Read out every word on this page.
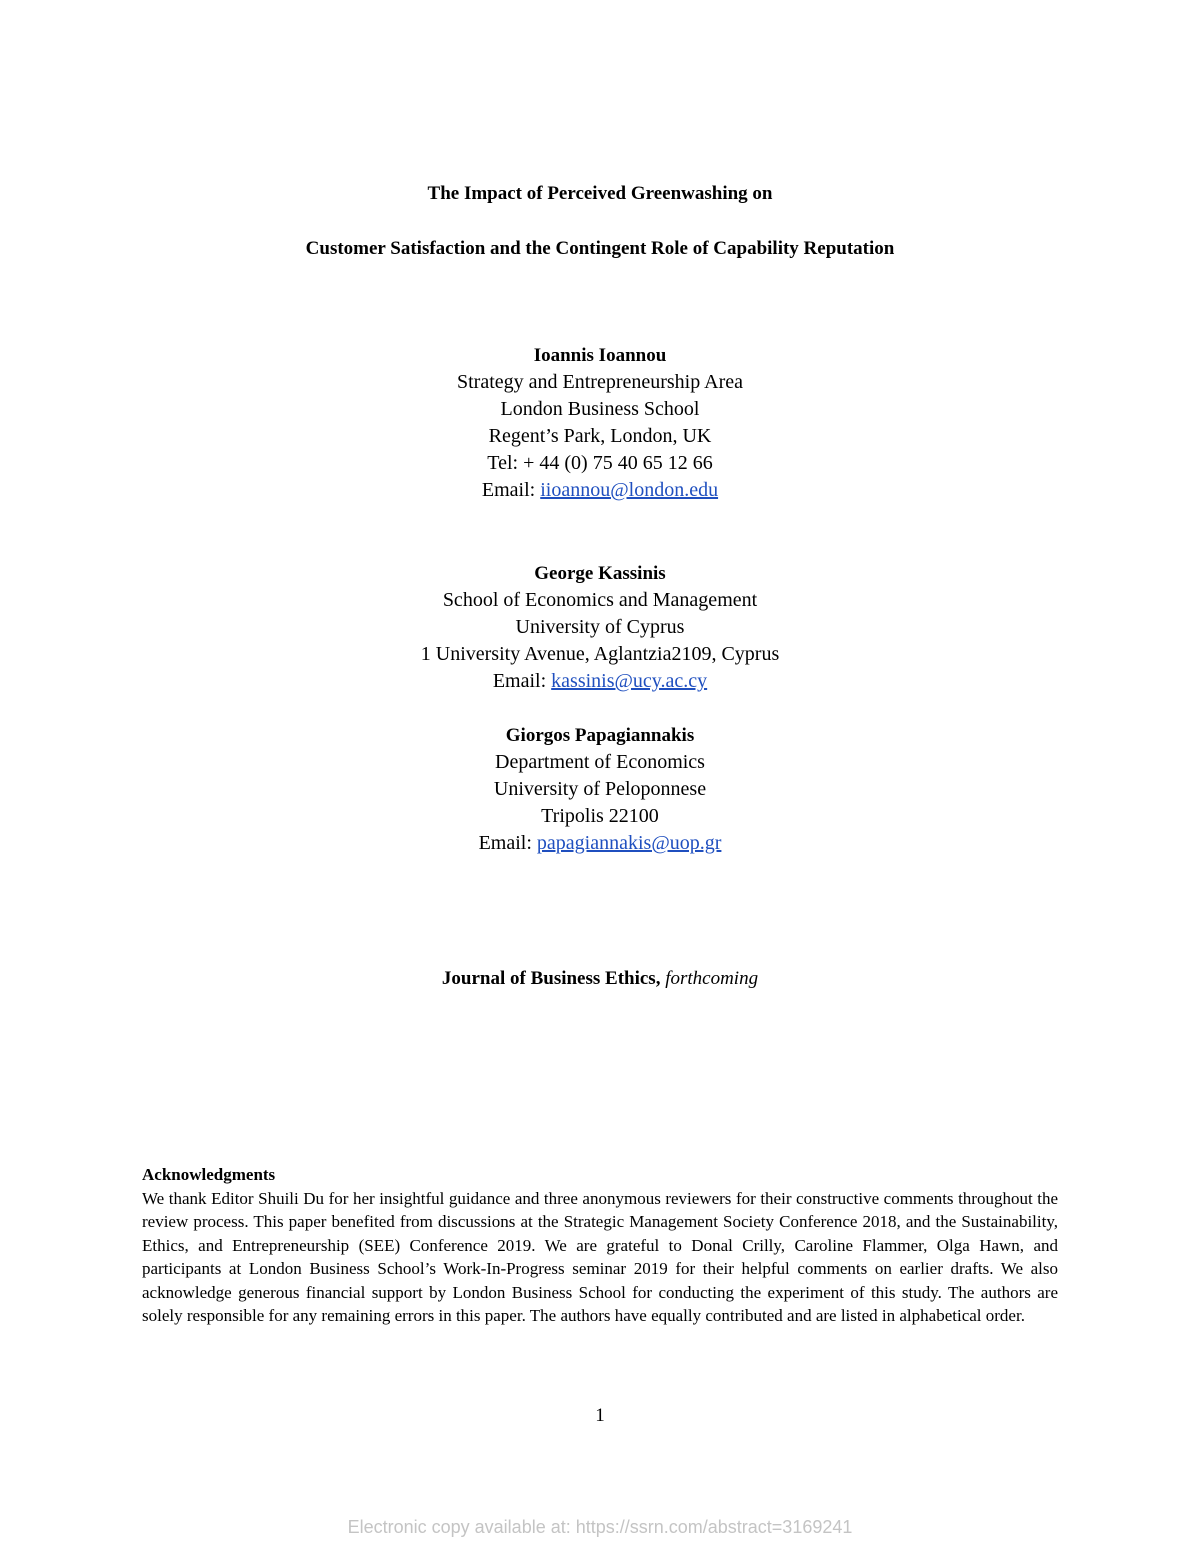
The Impact of Perceived Greenwashing on
Customer Satisfaction and the Contingent Role of Capability Reputation
Ioannis Ioannou
Strategy and Entrepreneurship Area
London Business School
Regent’s Park, London, UK
Tel: + 44 (0) 75 40 65 12 66
Email: iioannou@london.edu
George Kassinis
School of Economics and Management
University of Cyprus
1 University Avenue, Aglantzia2109, Cyprus
Email: kassinis@ucy.ac.cy
Giorgos Papagiannakis
Department of Economics
University of Peloponnese
Tripolis 22100
Email: papagiannakis@uop.gr
Journal of Business Ethics, forthcoming
Acknowledgments
We thank Editor Shuili Du for her insightful guidance and three anonymous reviewers for their constructive comments throughout the review process. This paper benefited from discussions at the Strategic Management Society Conference 2018, and the Sustainability, Ethics, and Entrepreneurship (SEE) Conference 2019. We are grateful to Donal Crilly, Caroline Flammer, Olga Hawn, and participants at London Business School’s Work-In-Progress seminar 2019 for their helpful comments on earlier drafts. We also acknowledge generous financial support by London Business School for conducting the experiment of this study. The authors are solely responsible for any remaining errors in this paper. The authors have equally contributed and are listed in alphabetical order.
1
Electronic copy available at: https://ssrn.com/abstract=3169241
